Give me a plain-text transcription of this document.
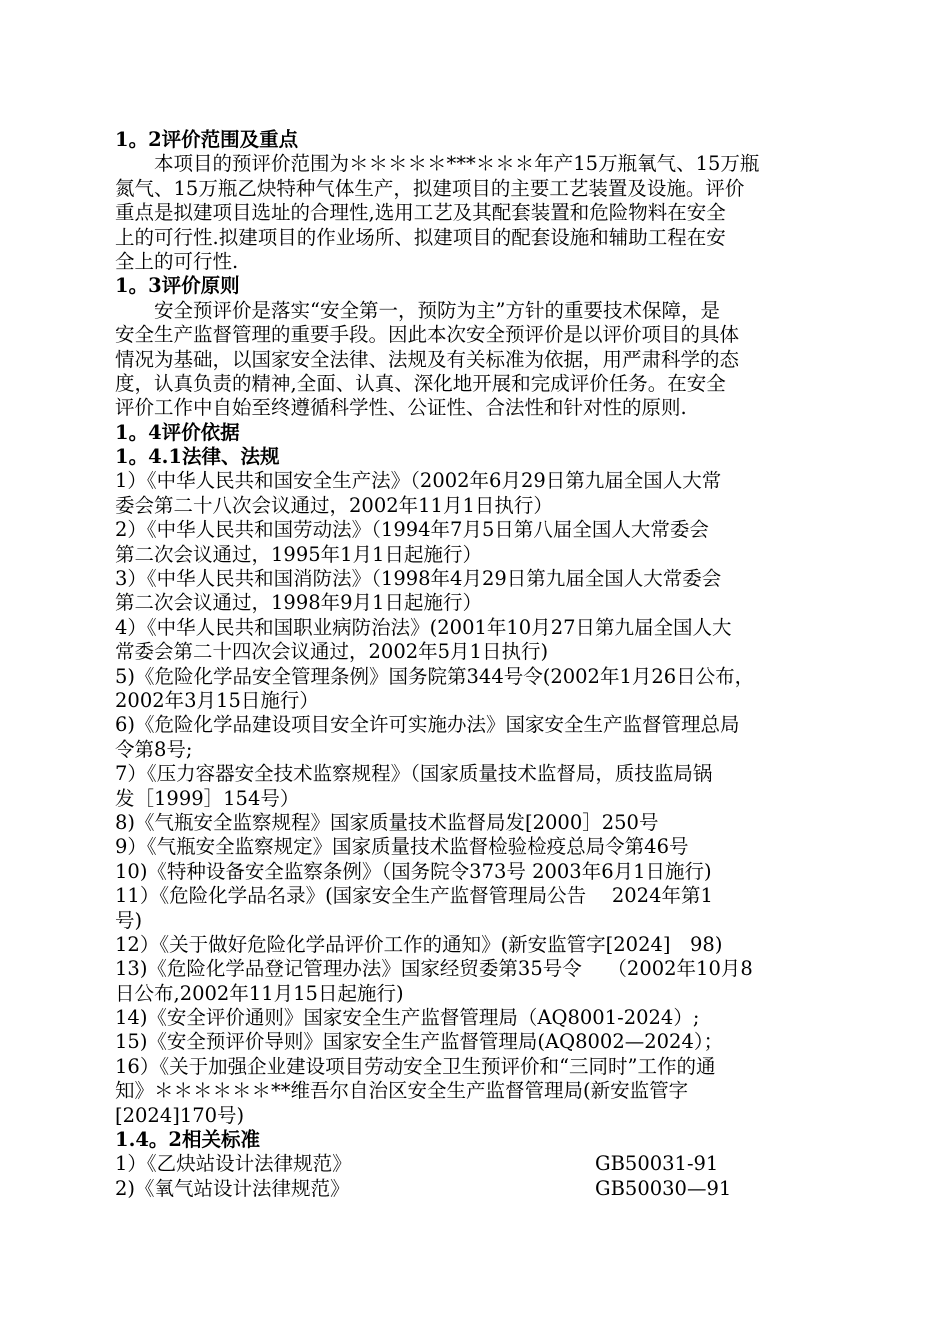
1。2评价范围及重点
本项目的预评价范围为＊＊＊＊＊***＊＊＊年产15万瓶氧气、15万瓶
氮气、15万瓶乙炔特种气体生产，拟建项目的主要工艺装置及设施。评价
重点是拟建项目选址的合理性,选用工艺及其配套装置和危险物料在安全
上的可行性.拟建项目的作业场所、拟建项目的配套设施和辅助工程在安
全上的可行性.
1。3评价原则
安全预评价是落实“安全第一，预防为主”方针的重要技术保障，是
安全生产监督管理的重要手段。因此本次安全预评价是以评价项目的具体
情况为基础，以国家安全法律、法规及有关标准为依据，用严肃科学的态
度，认真负责的精神,全面、认真、深化地开展和完成评价任务。在安全
评价工作中自始至终遵循科学性、公证性、合法性和针对性的原则.
1。4评价依据
1。4.1法律、法规
1）《中华人民共和国安全生产法》（2002年6月29日第九届全国人大常
委会第二十八次会议通过，2002年11月1日执行）
2）《中华人民共和国劳动法》（1994年7月5日第八届全国人大常委会
第二次会议通过，1995年1月1日起施行）
3）《中华人民共和国消防法》（1998年4月29日第九届全国人大常委会
第二次会议通过，1998年9月1日起施行）
4）《中华人民共和国职业病防治法》(2001年10月27日第九届全国人大
常委会第二十四次会议通过，2002年5月1日执行)
5)《危险化学品安全管理条例》国务院第344号令(2002年1月26日公布，
2002年3月15日施行）
6)《危险化学品建设项目安全许可实施办法》国家安全生产监督管理总局
令第8号;
7）《压力容器安全技术监察规程》（国家质量技术监督局，质技监局锅
发［1999］154号）
8)《气瓶安全监察规程》国家质量技术监督局发[2000］250号
9）《气瓶安全监察规定》国家质量技术监督检验检疫总局令第46号
10)《特种设备安全监察条例》（国务院令373号 2003年6月1日施行)
11）《危险化学品名录》(国家安全生产监督管理局公告　 2024年第1
号)
12）《关于做好危险化学品评价工作的通知》(新安监管字[2024]　98)
13)《危险化学品登记管理办法》国家经贸委第35号令　 （2002年10月8
日公布,2002年11月15日起施行)
14)《安全评价通则》国家安全生产监督管理局（AQ8001-2024）;
15)《安全预评价导则》国家安全生产监督管理局(AQ8002—2024）；
16）《关于加强企业建设项目劳动安全卫生预评价和“三同时”工作的通
知》＊＊＊＊＊＊**维吾尔自治区安全生产监督管理局(新安监管字
[2024]170号)
1.4。2相关标准
1）《乙炔站设计法律规范》	GB50031-91
2)《氧气站设计法律规范》	GB50030—91
